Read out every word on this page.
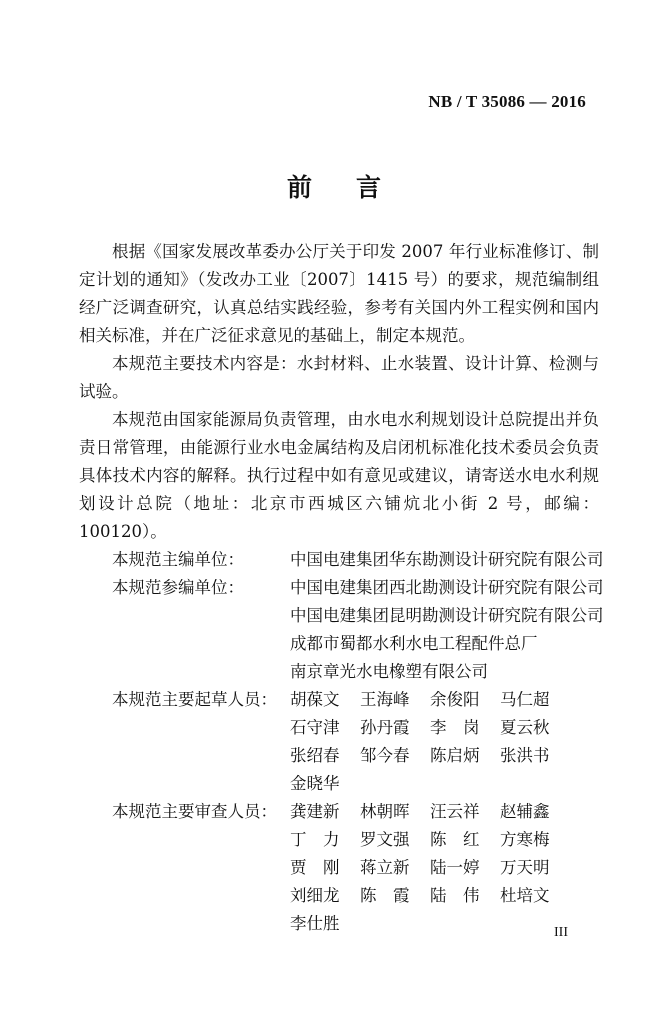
NB / T 35086 — 2016
前言

根据《国家发展改革委办公厅关于印发 2007 年行业标准修订、制定计划的通知》（发改办工业〔2007〕1415 号）的要求，规范编制组经广泛调查研究，认真总结实践经验，参考有关国内外工程实例和国内相关标准，并在广泛征求意见的基础上，制定本规范。

本规范主要技术内容是：水封材料、止水装置、设计计算、检测与试验。

本规范由国家能源局负责管理，由水电水利规划设计总院提出并负责日常管理，由能源行业水电金属结构及启闭机标准化技术委员会负责具体技术内容的解释。执行过程中如有意见或建议，请寄送水电水利规划设计总院（地址：北京市西城区六铺炕北小街 2 号，邮编：100120）。

本规范主编单位：	中国电建集团华东勘测设计研究院有限公司
本规范参编单位：	中国电建集团西北勘测设计研究院有限公司
中国电建集团昆明勘测设计研究院有限公司
成都市蜀都水利水电工程配件总厂
南京章光水电橡塑有限公司
本规范主要起草人员： 胡葆文	王海峰	余俊阳	马仁超
石守津	孙丹霞	李　岗	夏云秋
张绍春	邹今春	陈启炳	张洪书
金晓华
本规范主要审查人员： 龚建新	林朝晖	汪云祥	赵辅鑫
丁　力	罗文强	陈　红	方寒梅
贾　刚	蒋立新	陆一婷	万天明
刘细龙	陈　霞	陆　伟	杜培文
李仕胜	III
